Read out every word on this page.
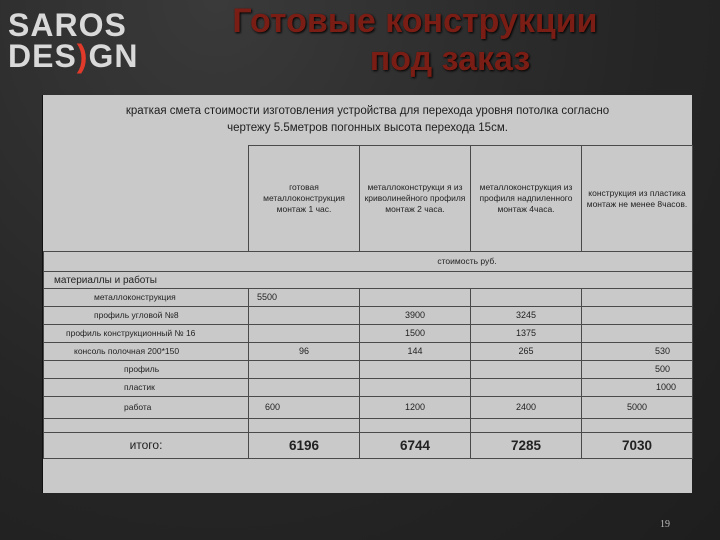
SAROS
DES)GN
Готовые конструкции
под заказ
краткая смета стоимости изготовления устройства для перехода уровня потолка согласно
чертежу 5.5метров погонных высота перехода 15см.
	готовая металлоконструкция монтаж 1 час.	металлоконструкци я из криволинейного профиля монтаж 2 часа.	металлоконструкция из профиля надпиленного монтаж 4часа.	конструкция из пластика монтаж не менее 8часов.
стоимость руб.				
материаллы и работы				
металлоконструкция	5500			
профиль угловой №8		3900	3245	
профиль конструкционный № 16		1500	1375	
консоль полочная 200*150	96	144	265	530
профиль				500
пластик				1000
работа	600	1200	2400	5000

итого:	6196	6744	7285	7030
19
